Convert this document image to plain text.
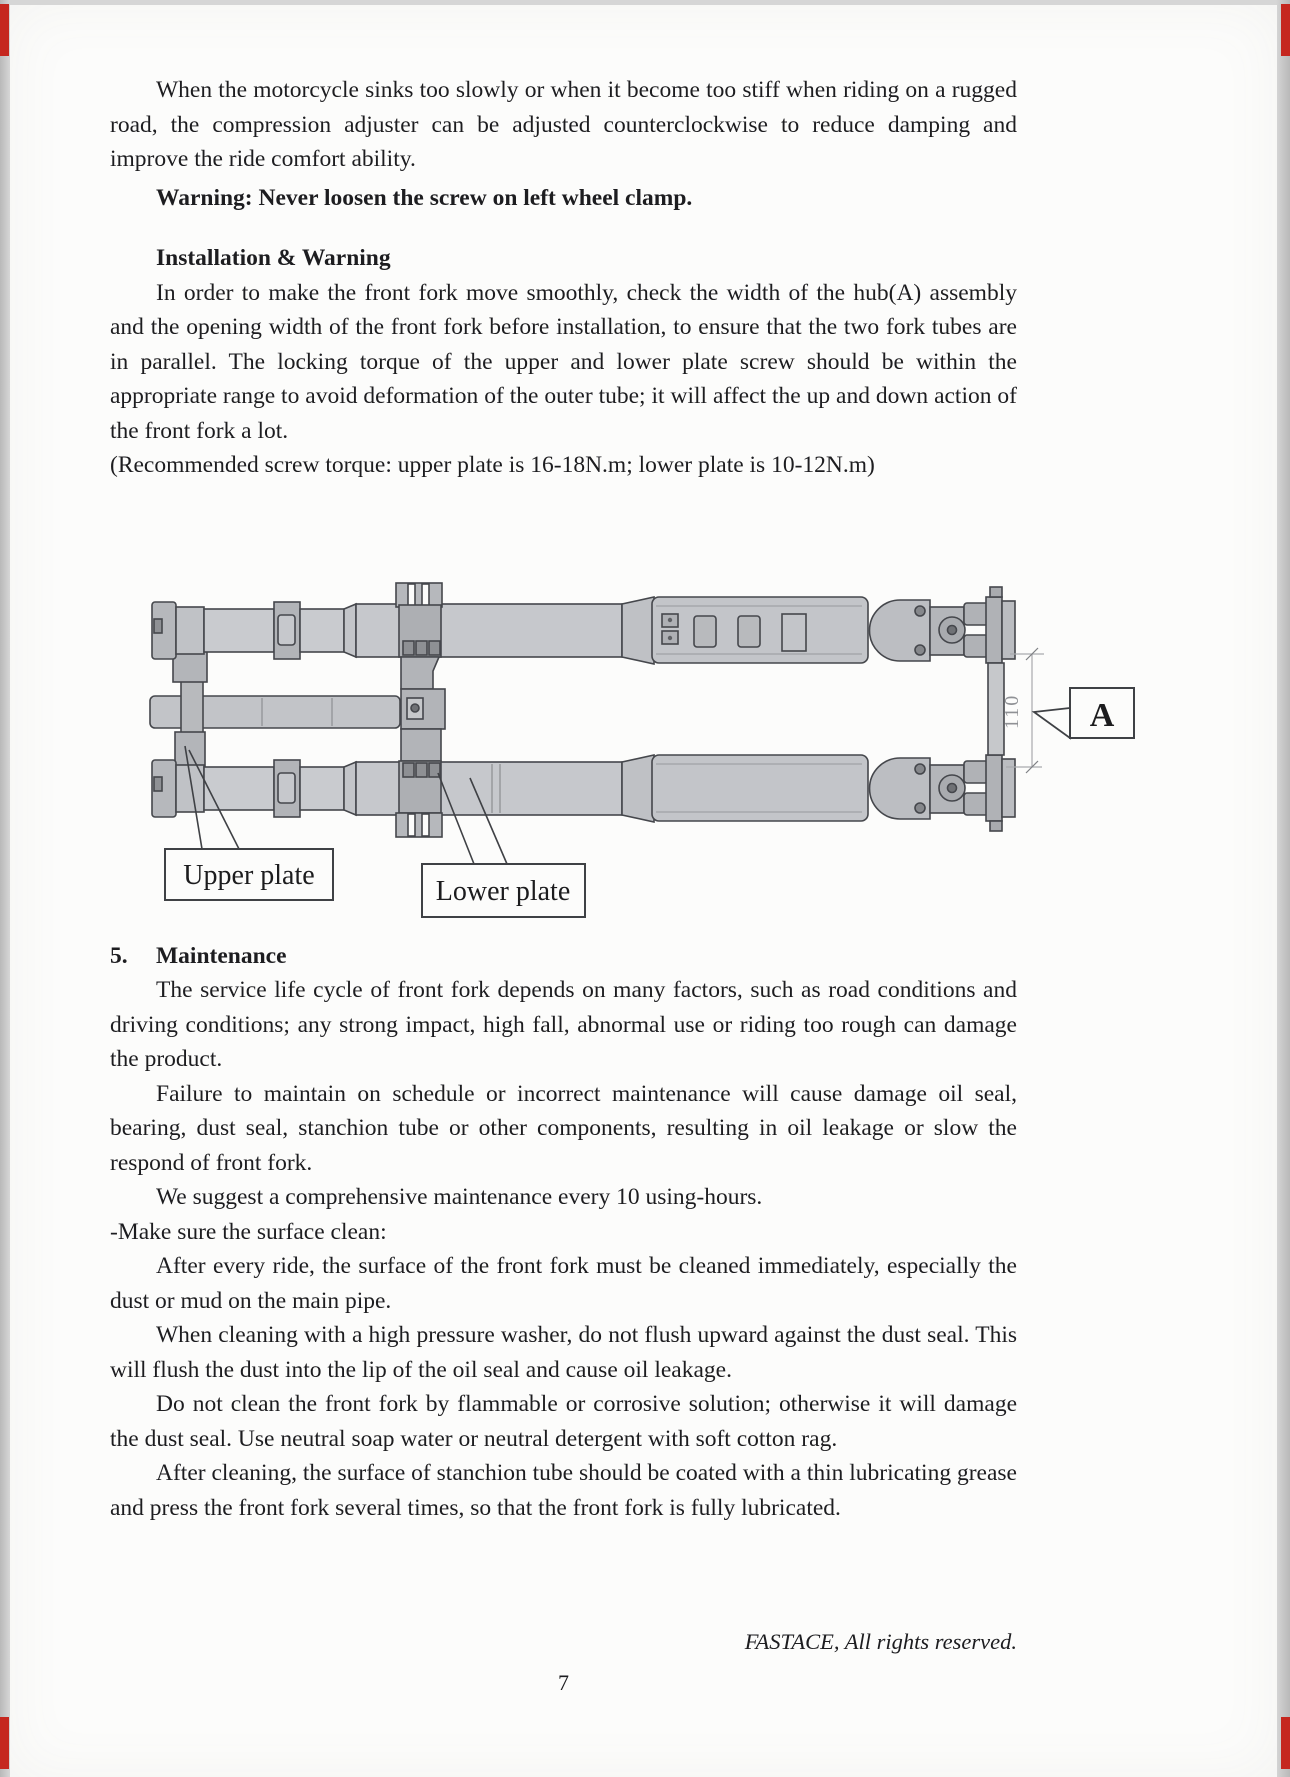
When the motorcycle sinks too slowly or when it become too stiff when riding on a rugged road, the compression adjuster can be adjusted counterclockwise to reduce damping and improve the ride comfort ability.

Warning: Never loosen the screw on left wheel clamp.

Installation & Warning

In order to make the front fork move smoothly, check the width of the hub(A) assembly and the opening width of the front fork before installation, to ensure that the two fork tubes are in parallel. The locking torque of the upper and lower plate screw should be within the appropriate range to avoid deformation of the outer tube; it will affect the up and down action of the front fork a lot.

(Recommended screw torque: upper plate is 16-18N.m; lower plate is 10-12N.m)

110 A
Upper plate
Lower plate

5. Maintenance

The service life cycle of front fork depends on many factors, such as road conditions and driving conditions; any strong impact, high fall, abnormal use or riding too rough can damage the product.

Failure to maintain on schedule or incorrect maintenance will cause damage oil seal, bearing, dust seal, stanchion tube or other components, resulting in oil leakage or slow the respond of front fork.

We suggest a comprehensive maintenance every 10 using-hours.

-Make sure the surface clean:

After every ride, the surface of the front fork must be cleaned immediately, especially the dust or mud on the main pipe.

When cleaning with a high pressure washer, do not flush upward against the dust seal. This will flush the dust into the lip of the oil seal and cause oil leakage.

Do not clean the front fork by flammable or corrosive solution; otherwise it will damage the dust seal. Use neutral soap water or neutral detergent with soft cotton rag.

After cleaning, the surface of stanchion tube should be coated with a thin lubricating grease and press the front fork several times, so that the front fork is fully lubricated.

FASTACE, All rights reserved.

7
